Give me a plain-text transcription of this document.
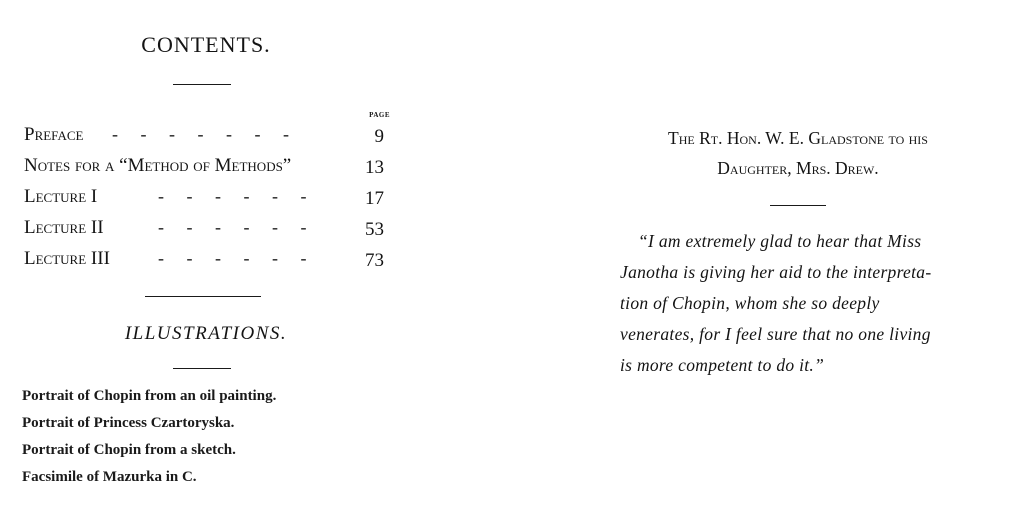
CONTENTS.
PAGE
Preface -     -     -     -     -     -     -	9
Notes for a “Method of Methods”	13
Lecture I	-     -     -     -     -     -	17
Lecture II	-     -     -     -     -     -	53
Lecture III	-     -     -     -     -     -	73
ILLUSTRATIONS.
Portrait of Chopin from an oil painting.
Portrait of Princess Czartoryska.
Portrait of Chopin from a sketch.
Facsimile of Mazurka in C.
The Rt. Hon. W. E. Gladstone to his
Daughter, Mrs. Drew.
“I am extremely glad to hear that Miss
Janotha is giving her aid to the interpreta-
tion of Chopin, whom she so deeply
venerates, for I feel sure that no one living
is more competent to do it.”
